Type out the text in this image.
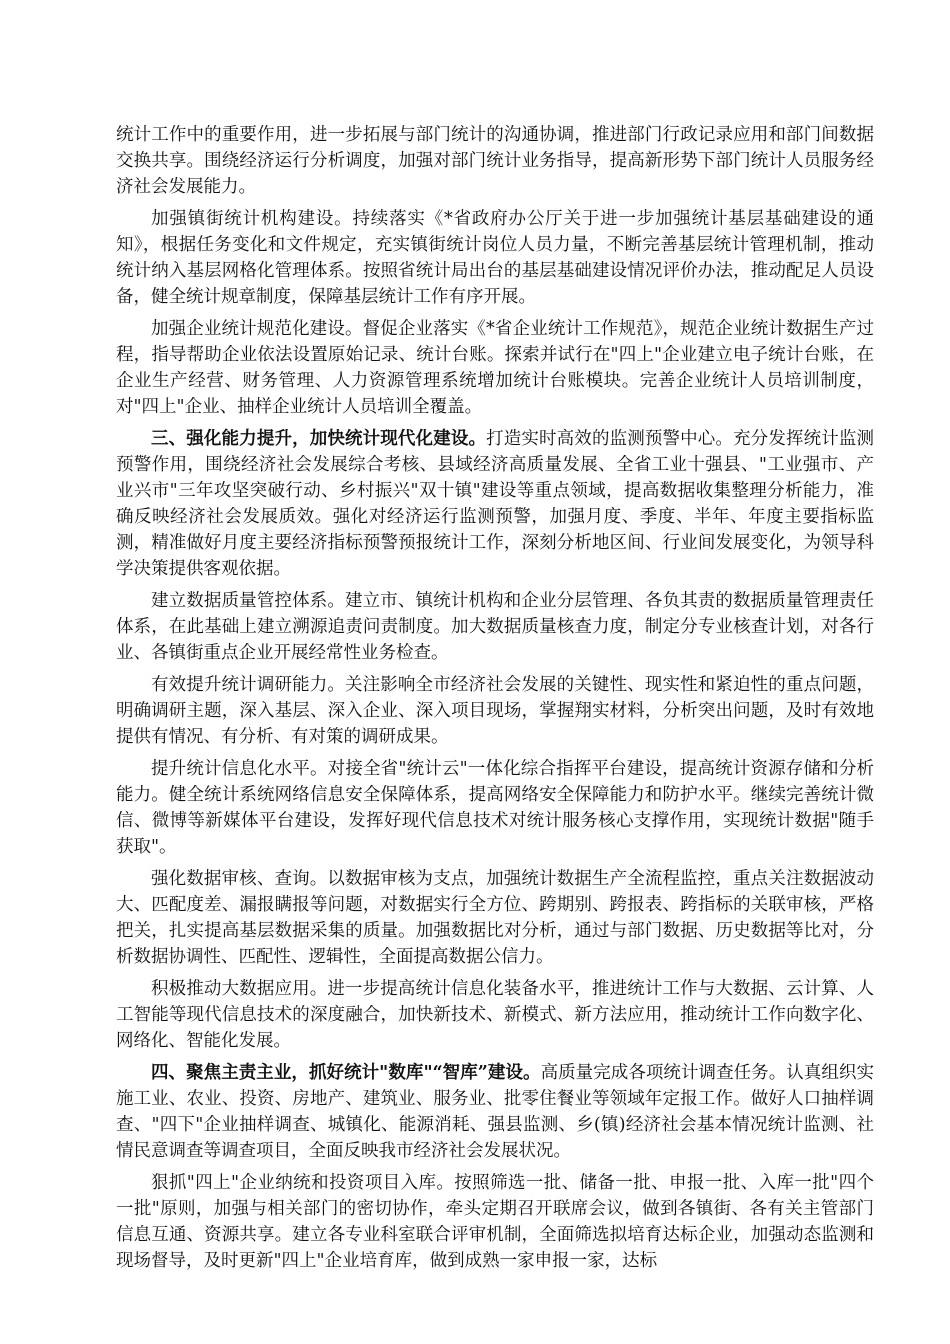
统计工作中的重要作用，进一步拓展与部门统计的沟通协调，推进部门行政记录应用和部门间数据交换共享。围绕经济运行分析调度，加强对部门统计业务指导，提高新形势下部门统计人员服务经济社会发展能力。

加强镇街统计机构建设。持续落实《*省政府办公厅关于进一步加强统计基层基础建设的通知》，根据任务变化和文件规定，充实镇街统计岗位人员力量，不断完善基层统计管理机制，推动统计纳入基层网格化管理体系。按照省统计局出台的基层基础建设情况评价办法，推动配足人员设备，健全统计规章制度，保障基层统计工作有序开展。

加强企业统计规范化建设。督促企业落实《*省企业统计工作规范》，规范企业统计数据生产过程，指导帮助企业依法设置原始记录、统计台账。探索并试行在"四上"企业建立电子统计台账，在企业生产经营、财务管理、人力资源管理系统增加统计台账模块。完善企业统计人员培训制度，对"四上"企业、抽样企业统计人员培训全覆盖。

三、强化能力提升，加快统计现代化建设。打造实时高效的监测预警中心。充分发挥统计监测预警作用，围绕经济社会发展综合考核、县域经济高质量发展、全省工业十强县、"工业强市、产业兴市"三年攻坚突破行动、乡村振兴"双十镇"建设等重点领域，提高数据收集整理分析能力，准确反映经济社会发展质效。强化对经济运行监测预警，加强月度、季度、半年、年度主要指标监测，精准做好月度主要经济指标预警预报统计工作，深刻分析地区间、行业间发展变化，为领导科学决策提供客观依据。

建立数据质量管控体系。建立市、镇统计机构和企业分层管理、各负其责的数据质量管理责任体系，在此基础上建立溯源追责问责制度。加大数据质量核查力度，制定分专业核查计划，对各行业、各镇街重点企业开展经常性业务检查。

有效提升统计调研能力。关注影响全市经济社会发展的关键性、现实性和紧迫性的重点问题，明确调研主题，深入基层、深入企业、深入项目现场，掌握翔实材料，分析突出问题，及时有效地提供有情况、有分析、有对策的调研成果。

提升统计信息化水平。对接全省"统计云"一体化综合指挥平台建设，提高统计资源存储和分析能力。健全统计系统网络信息安全保障体系，提高网络安全保障能力和防护水平。继续完善统计微信、微博等新媒体平台建设，发挥好现代信息技术对统计服务核心支撑作用，实现统计数据"随手获取"。

强化数据审核、查询。以数据审核为支点，加强统计数据生产全流程监控，重点关注数据波动大、匹配度差、漏报瞒报等问题，对数据实行全方位、跨期别、跨报表、跨指标的关联审核，严格把关，扎实提高基层数据采集的质量。加强数据比对分析，通过与部门数据、历史数据等比对，分析数据协调性、匹配性、逻辑性，全面提高数据公信力。

积极推动大数据应用。进一步提高统计信息化装备水平，推进统计工作与大数据、云计算、人工智能等现代信息技术的深度融合，加快新技术、新模式、新方法应用，推动统计工作向数字化、网络化、智能化发展。

四、聚焦主责主业，抓好统计"数库"“智库”建设。高质量完成各项统计调查任务。认真组织实施工业、农业、投资、房地产、建筑业、服务业、批零住餐业等领域年定报工作。做好人口抽样调查、"四下"企业抽样调查、城镇化、能源消耗、强县监测、乡(镇)经济社会基本情况统计监测、社情民意调查等调查项目，全面反映我市经济社会发展状况。

狠抓"四上"企业纳统和投资项目入库。按照筛选一批、储备一批、申报一批、入库一批"四个一批"原则，加强与相关部门的密切协作，牵头定期召开联席会议，做到各镇街、各有关主管部门信息互通、资源共享。建立各专业科室联合评审机制，全面筛选拟培育达标企业，加强动态监测和现场督导，及时更新"四上"企业培育库，做到成熟一家申报一家，达标
